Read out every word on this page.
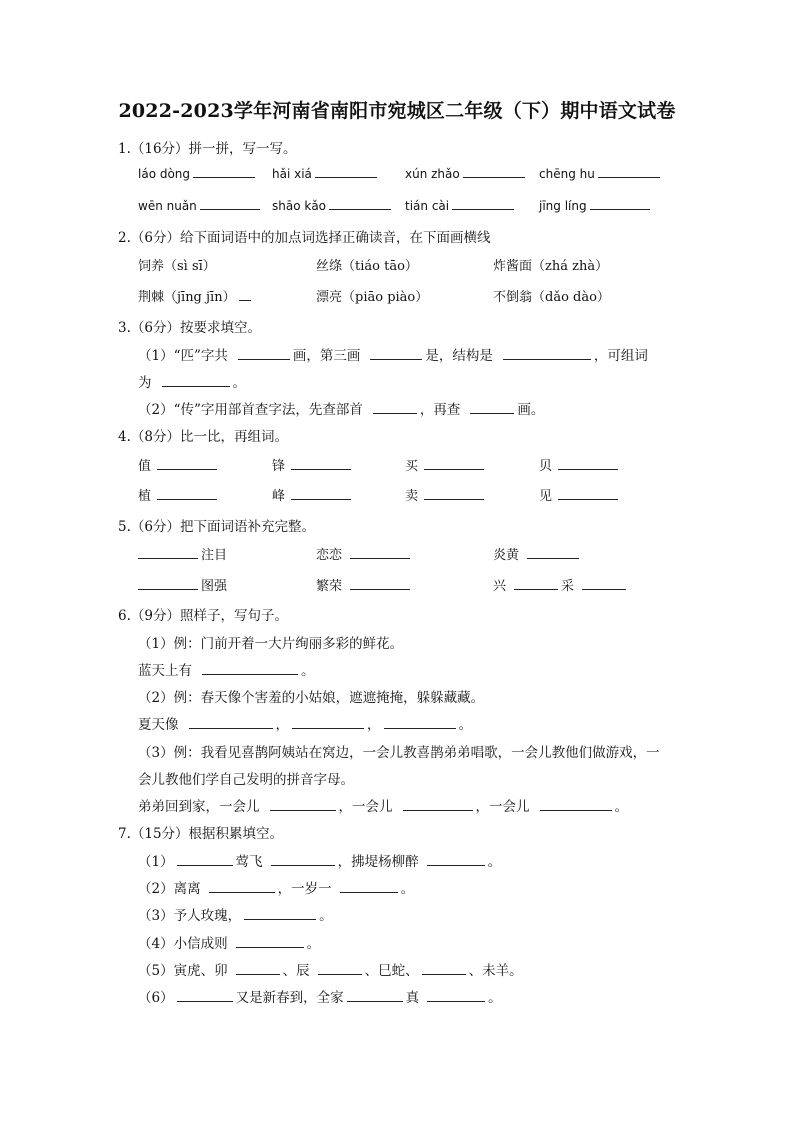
2022-2023学年河南省南阳市宛城区二年级（下）期中语文试卷
1.（16分）拼一拼，写一写。
láo dòng	hǎi xiá	xún zhǎo	chēng hu
wēn nuǎn	shāo kǎo	tián cài	jīng líng
2.（6分）给下面词语中的加点词选择正确读音，在下面画横线
饲养（sì sī）	丝绦（tiáo tāo）	炸酱面（zhá zhà）
荆棘（jīng jīn）	漂亮（piāo piào）	不倒翁（dǎo dào）
3.（6分）按要求填空。
（1）“匹”字共	画，第三画	是，结构是	，可组词
为	。
（2）“传”字用部首查字法，先查部首	，再查	画。
4.（8分）比一比，再组词。
值	锋	买	贝
植	峰	卖	见
5.（6分）把下面词语补充完整。
注目	恋恋	炎黄
图强	繁荣	兴	采
6.（9分）照样子，写句子。
（1）例：门前开着一大片绚丽多彩的鲜花。
蓝天上有	。
（2）例：春天像个害羞的小姑娘，遮遮掩掩，躲躲藏藏。
夏天像	，	，	。
（3）例：我看见喜鹊阿姨站在窝边，一会儿教喜鹊弟弟唱歌，一会儿教他们做游戏，一
会儿教他们学自己发明的拼音字母。
弟弟回到家，一会儿	，一会儿	，一会儿	。
7.（15分）根据积累填空。
（1）	莺飞	，拂堤杨柳醉	。
（2）离离	，一岁一	。
（3）予人玫瑰，	。
（4）小信成则	。
（5）寅虎、卯	、辰	、巳蛇、	、未羊。
（6）	又是新春到，全家	真	。
